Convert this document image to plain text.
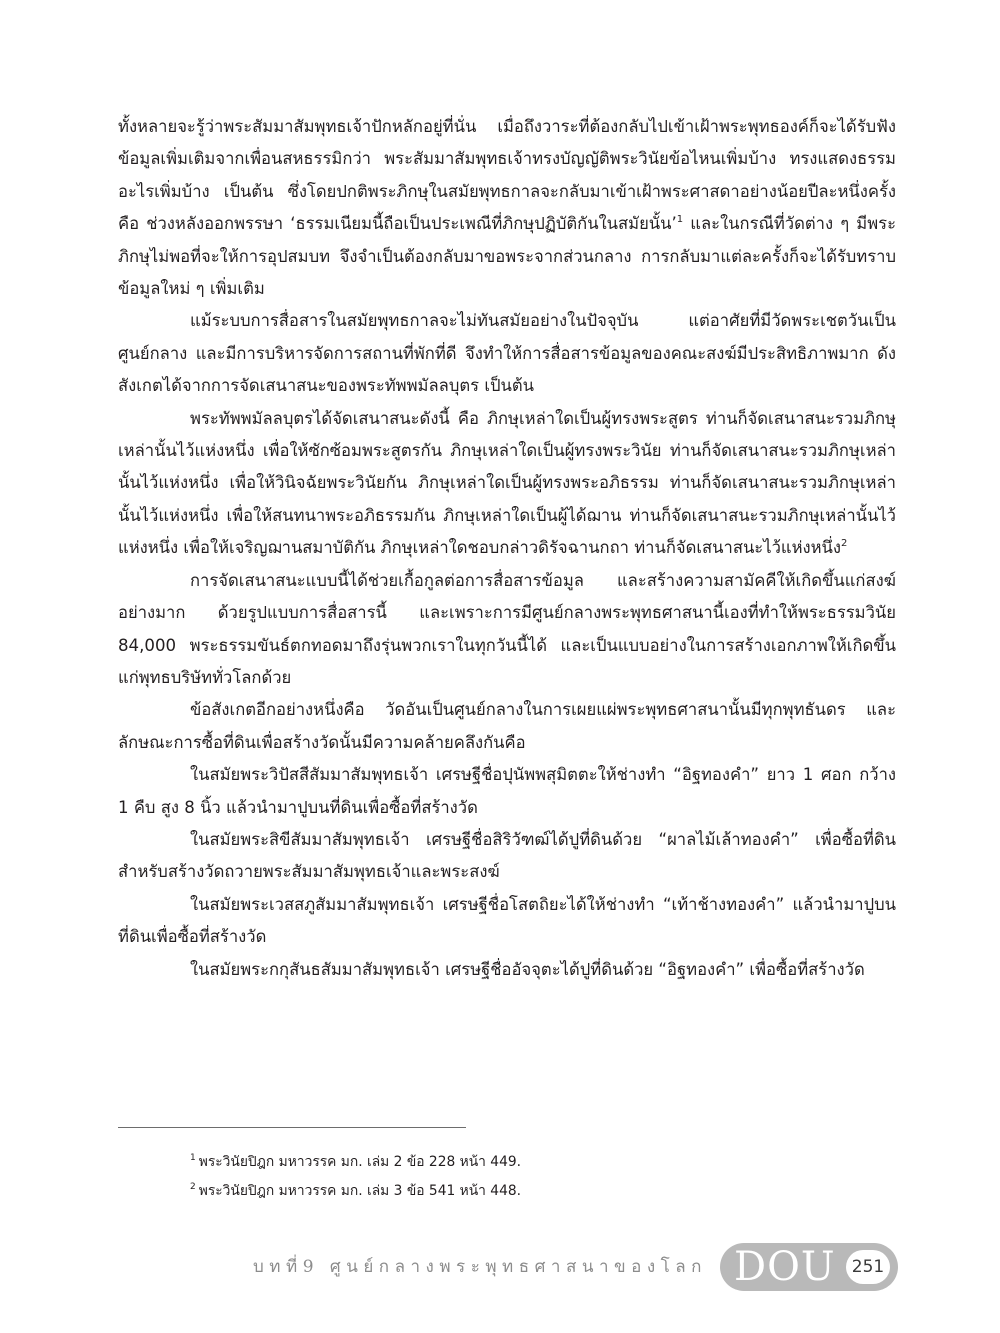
ทั้งหลายจะรู้ว่าพระสัมมาสัมพุทธเจ้าปักหลักอยู่ที่นั่น เมื่อถึงวาระที่ต้องกลับไปเข้าเฝ้าพระพุทธองค์ก็จะได้รับฟังข้อมูลเพิ่มเติมจากเพื่อนสหธรรมิกว่า พระสัมมาสัมพุทธเจ้าทรงบัญญัติพระวินัยข้อไหนเพิ่มบ้าง ทรงแสดงธรรมอะไรเพิ่มบ้าง เป็นต้น ซึ่งโดยปกติพระภิกษุในสมัยพุทธกาลจะกลับมาเข้าเฝ้าพระศาสดาอย่างน้อยปีละหนึ่งครั้งคือ ช่วงหลังออกพรรษา ‘ธรรมเนียมนี้ถือเป็นประเพณีที่ภิกษุปฏิบัติกันในสมัยนั้น’$^1$ และในกรณีที่วัดต่าง ๆ มีพระภิกษุไม่พอที่จะให้การอุปสมบท จึงจำเป็นต้องกลับมาขอพระจากส่วนกลาง การกลับมาแต่ละครั้งก็จะได้รับทราบข้อมูลใหม่ ๆ เพิ่มเติม

แม้ระบบการสื่อสารในสมัยพุทธกาลจะไม่ทันสมัยอย่างในปัจจุบัน แต่อาศัยที่มีวัดพระเชตวันเป็นศูนย์กลาง และมีการบริหารจัดการสถานที่พักที่ดี จึงทำให้การสื่อสารข้อมูลของคณะสงฆ์มีประสิทธิภาพมาก ดังสังเกตได้จากการจัดเสนาสนะของพระทัพพมัลลบุตร เป็นต้น

พระทัพพมัลลบุตรได้จัดเสนาสนะดังนี้ คือ ภิกษุเหล่าใดเป็นผู้ทรงพระสูตร ท่านก็จัดเสนาสนะรวมภิกษุเหล่านั้นไว้แห่งหนึ่ง เพื่อให้ซักซ้อมพระสูตรกัน ภิกษุเหล่าใดเป็นผู้ทรงพระวินัย ท่านก็จัดเสนาสนะรวมภิกษุเหล่านั้นไว้แห่งหนึ่ง เพื่อให้วินิจฉัยพระวินัยกัน ภิกษุเหล่าใดเป็นผู้ทรงพระอภิธรรม ท่านก็จัดเสนาสนะรวมภิกษุเหล่านั้นไว้แห่งหนึ่ง เพื่อให้สนทนาพระอภิธรรมกัน ภิกษุเหล่าใดเป็นผู้ได้ฌาน ท่านก็จัดเสนาสนะรวมภิกษุเหล่านั้นไว้แห่งหนึ่ง เพื่อให้เจริญฌานสมาบัติกัน ภิกษุเหล่าใดชอบกล่าวดิรัจฉานกถา ท่านก็จัดเสนาสนะไว้แห่งหนึ่ง$^2$

การจัดเสนาสนะแบบนี้ได้ช่วยเกื้อกูลต่อการสื่อสารข้อมูล และสร้างความสามัคคีให้เกิดขึ้นแก่สงฆ์อย่างมาก ด้วยรูปแบบการสื่อสารนี้ และเพราะการมีศูนย์กลางพระพุทธศาสนานี้เองที่ทำให้พระธรรมวินัย 84,000 พระธรรมขันธ์ตกทอดมาถึงรุ่นพวกเราในทุกวันนี้ได้ และเป็นแบบอย่างในการสร้างเอกภาพให้เกิดขึ้นแก่พุทธบริษัททั่วโลกด้วย

ข้อสังเกตอีกอย่างหนึ่งคือ วัดอันเป็นศูนย์กลางในการเผยแผ่พระพุทธศาสนานั้นมีทุกพุทธันดร และลักษณะการซื้อที่ดินเพื่อสร้างวัดนั้นมีความคล้ายคลึงกันคือ

ในสมัยพระวิปัสสีสัมมาสัมพุทธเจ้า เศรษฐีชื่อปุนัพพสุมิตตะให้ช่างทำ “อิฐทองคำ” ยาว 1 ศอก กว้าง 1 คืบ สูง 8 นิ้ว แล้วนำมาปูบนที่ดินเพื่อซื้อที่สร้างวัด

ในสมัยพระสิขีสัมมาสัมพุทธเจ้า เศรษฐีชื่อสิริวัฑฒ์ได้ปูที่ดินด้วย “ผาลไม้เล้าทองคำ” เพื่อซื้อที่ดินสำหรับสร้างวัดถวายพระสัมมาสัมพุทธเจ้าและพระสงฆ์

ในสมัยพระเวสสภูสัมมาสัมพุทธเจ้า เศรษฐีชื่อโสตถิยะได้ให้ช่างทำ “เท้าช้างทองคำ” แล้วนำมาปูบนที่ดินเพื่อซื้อที่สร้างวัด

ในสมัยพระกกุสันธสัมมาสัมพุทธเจ้า เศรษฐีชื่ออัจจุตะได้ปูที่ดินด้วย “อิฐทองคำ” เพื่อซื้อที่สร้างวัด

$^1$ พระวินัยปิฎก มหาวรรค มก. เล่ม 2 ข้อ 228 หน้า 449.

$^2$ พระวินัยปิฎก มหาวรรค มก. เล่ม 3 ข้อ 541 หน้า 448.

บทที่9 ศูนย์กลางพระพุทธศาสนาของโลก DOU 251
